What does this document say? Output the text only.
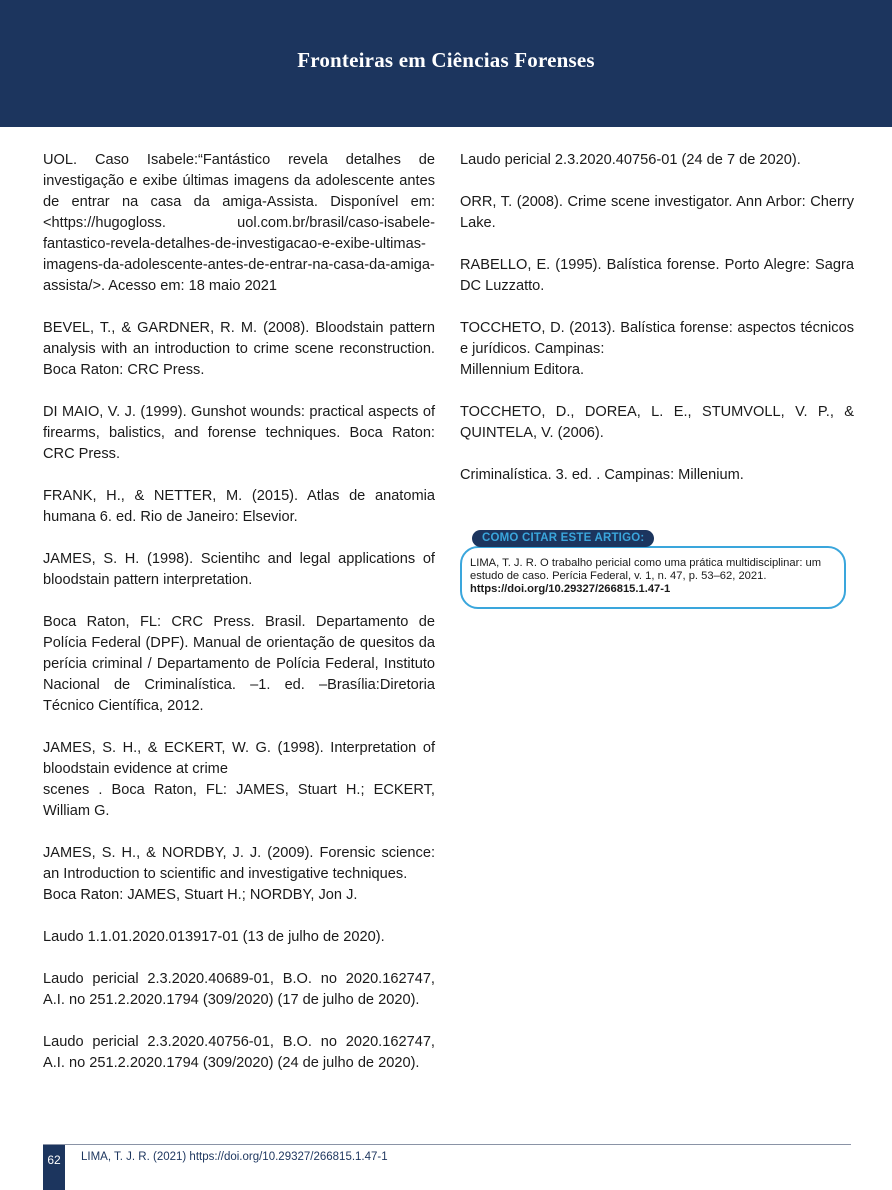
Fronteiras em Ciências Forenses
UOL. Caso Isabele:“Fantástico revela detalhes de investigação e exibe últimas imagens da adolescente antes de entrar na casa da amiga-Assista. Disponível em: <https://hugogloss. uol.com.br/brasil/caso-isabele-fantastico-revela-detalhes-de-investigacao-e-exibe-ultimas-imagens-da-adolescente-antes-de-entrar-na-casa-da-amiga-assista/>. Acesso em: 18 maio 2021
BEVEL, T., & GARDNER, R. M. (2008). Bloodstain pattern analysis with an introduction to crime scene reconstruction. Boca Raton: CRC Press.
DI MAIO, V. J. (1999). Gunshot wounds: practical aspects of firearms, balistics, and forense techniques. Boca Raton: CRC Press.
FRANK, H., & NETTER, M. (2015). Atlas de anatomia humana 6. ed. Rio de Janeiro: Elsevior.
JAMES, S. H. (1998). Scientihc and legal applications of bloodstain pattern interpretation.
Boca Raton, FL: CRC Press. Brasil. Departamento de Polícia Federal (DPF). Manual de orientação de quesitos da perícia criminal / Departamento de Polícia Federal, Instituto Nacional de Criminalística. –1. ed. –Brasília:Diretoria Técnico Científica, 2012.
JAMES, S. H., & ECKERT, W. G. (1998). Interpretation of bloodstain evidence at crime
scenes . Boca Raton, FL: JAMES, Stuart H.; ECKERT, William G.
JAMES, S. H., & NORDBY, J. J. (2009). Forensic science: an Introduction to scientific and investigative techniques.
Boca Raton: JAMES, Stuart H.; NORDBY, Jon J.
Laudo 1.1.01.2020.013917-01 (13 de julho de 2020).
Laudo pericial 2.3.2020.40689-01, B.O. no 2020.162747, A.I. no 251.2.2020.1794 (309/2020) (17 de julho de 2020).
Laudo pericial 2.3.2020.40756-01, B.O. no 2020.162747, A.I. no 251.2.2020.1794 (309/2020) (24 de julho de 2020).
Laudo pericial 2.3.2020.40756-01 (24 de 7 de 2020).
ORR, T. (2008). Crime scene investigator. Ann Arbor: Cherry Lake.
RABELLO, E. (1995). Balística forense. Porto Alegre: Sagra DC Luzzatto.
TOCCHETO, D. (2013). Balística forense: aspectos técnicos e jurídicos. Campinas:
Millennium Editora.
TOCCHETO, D., DOREA, L. E., STUMVOLL, V. P., & QUINTELA, V. (2006).
Criminalística. 3. ed. . Campinas: Millenium.
LIMA, T. J. R. O trabalho pericial como uma prática multidisciplinar: um estudo de caso. Perícia Federal, v. 1, n. 47, p. 53–62, 2021.
https://doi.org/10.29327/266815.1.47-1
COMO CITAR ESTE ARTIGO:
62	LIMA, T. J. R. (2021) https://doi.org/10.29327/266815.1.47-1
